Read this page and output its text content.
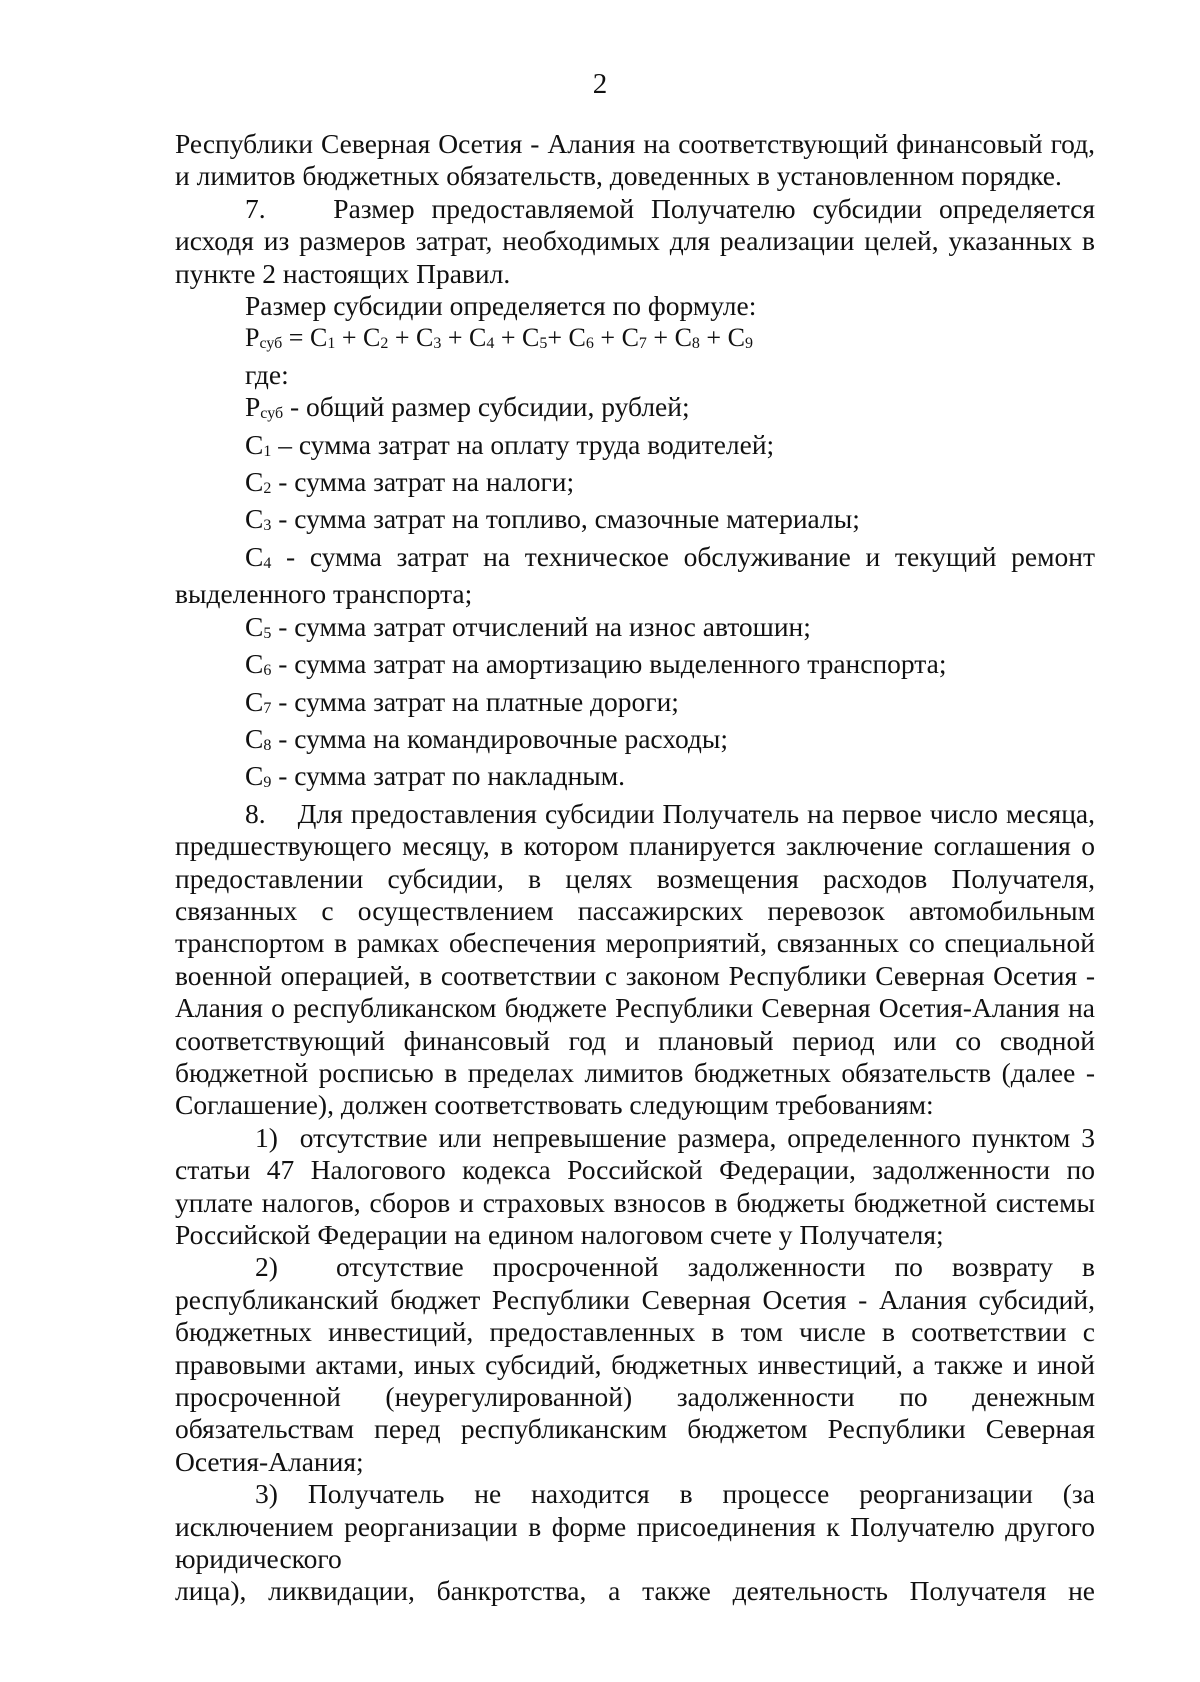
2

Республики Северная Осетия - Алания на соответствующий финансовый год, и лимитов бюджетных обязательств, доведенных в установленном порядке.

7.    Размер предоставляемой Получателю субсидии определяется исходя из размеров затрат, необходимых для реализации целей, указанных в пункте 2 настоящих Правил.

Размер субсидии определяется по формуле:

$Р_{суб} = С_1 + С_2 + С_3 + С_4 + С_5+ С_6 + С_7 + С_8 + С_9$

где:

$Р_{суб}$ - общий размер субсидии, рублей;

$С_1$ – сумма затрат на оплату труда водителей;

$С_2$ - сумма затрат на налоги;

$С_3$ - сумма затрат на топливо, смазочные материалы;

$С_4$ - сумма затрат на техническое обслуживание и текущий ремонт выделенного транспорта;

$С_5$ - сумма затрат отчислений на износ автошин;

$С_6$ - сумма затрат на амортизацию выделенного транспорта;

$С_7$ - сумма затрат на платные дороги;

$С_8$ - сумма на командировочные расходы;

$С_9$ - сумма затрат по накладным.

8.    Для предоставления субсидии Получатель на первое число месяца, предшествующего месяцу, в котором планируется заключение соглашения о предоставлении субсидии, в целях возмещения расходов Получателя, связанных с осуществлением пассажирских перевозок автомобильным транспортом в рамках обеспечения мероприятий, связанных со специальной военной операцией, в соответствии с законом Республики Северная Осетия - Алания о республиканском бюджете Республики Северная Осетия-Алания на соответствующий финансовый год и плановый период или со сводной бюджетной росписью в пределах лимитов бюджетных обязательств (далее - Соглашение), должен соответствовать следующим требованиям:

1)  отсутствие или непревышение размера, определенного пунктом 3 статьи 47 Налогового кодекса Российской Федерации, задолженности по уплате налогов, сборов и страховых взносов в бюджеты бюджетной системы Российской Федерации на едином налоговом счете у Получателя;

2)  отсутствие просроченной задолженности по возврату в республиканский бюджет Республики Северная Осетия - Алания субсидий, бюджетных инвестиций, предоставленных в том числе в соответствии с правовыми актами, иных субсидий, бюджетных инвестиций, а также и иной просроченной (неурегулированной) задолженности по денежным обязательствам перед республиканским бюджетом Республики Северная Осетия-Алания;

3) Получатель не находится в процессе реорганизации (за исключением реорганизации в форме присоединения к Получателю другого юридического

лица), ликвидации, банкротства, а также деятельность Получателя не
